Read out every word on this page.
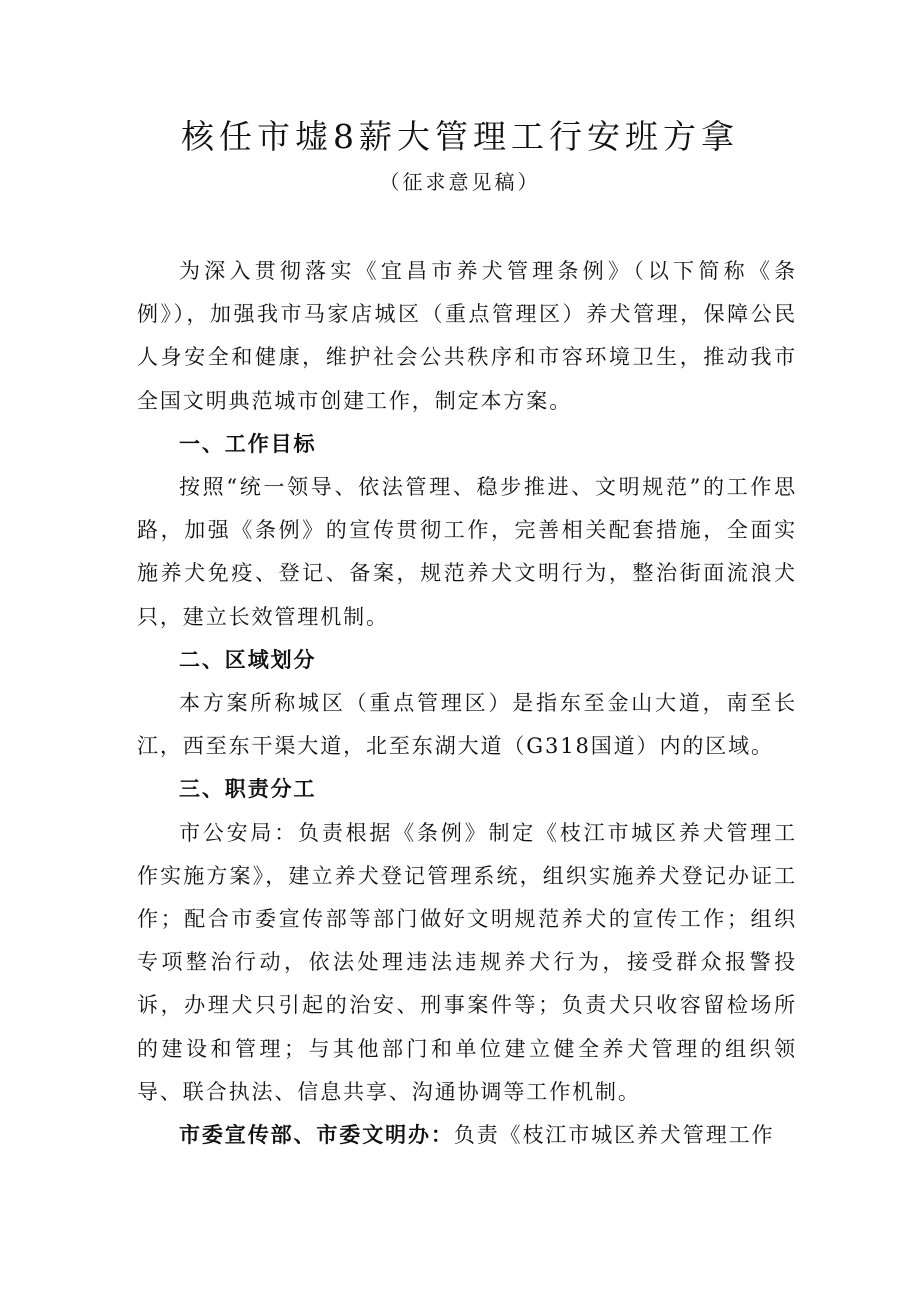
核任市墟8薪大管理工行安班方拿
（征求意见稿）

为深入贯彻落实《宜昌市养犬管理条例》（以下简称《条例》），加强我市马家店城区（重点管理区）养犬管理，保障公民人身安全和健康，维护社会公共秩序和市容环境卫生，推动我市全国文明典范城市创建工作，制定本方案。

一、工作目标

按照“统一领导、依法管理、稳步推进、文明规范”的工作思路，加强《条例》的宣传贯彻工作，完善相关配套措施，全面实施养犬免疫、登记、备案，规范养犬文明行为，整治街面流浪犬只，建立长效管理机制。

二、区域划分

本方案所称城区（重点管理区）是指东至金山大道，南至长江，西至东干渠大道，北至东湖大道（G318国道）内的区域。

三、职责分工

市公安局：负责根据《条例》制定《枝江市城区养犬管理工作实施方案》，建立养犬登记管理系统，组织实施养犬登记办证工作；配合市委宣传部等部门做好文明规范养犬的宣传工作；组织专项整治行动，依法处理违法违规养犬行为，接受群众报警投诉，办理犬只引起的治安、刑事案件等；负责犬只收容留检场所的建设和管理；与其他部门和单位建立健全养犬管理的组织领导、联合执法、信息共享、沟通协调等工作机制。

市委宣传部、市委文明办：负责《枝江市城区养犬管理工作
